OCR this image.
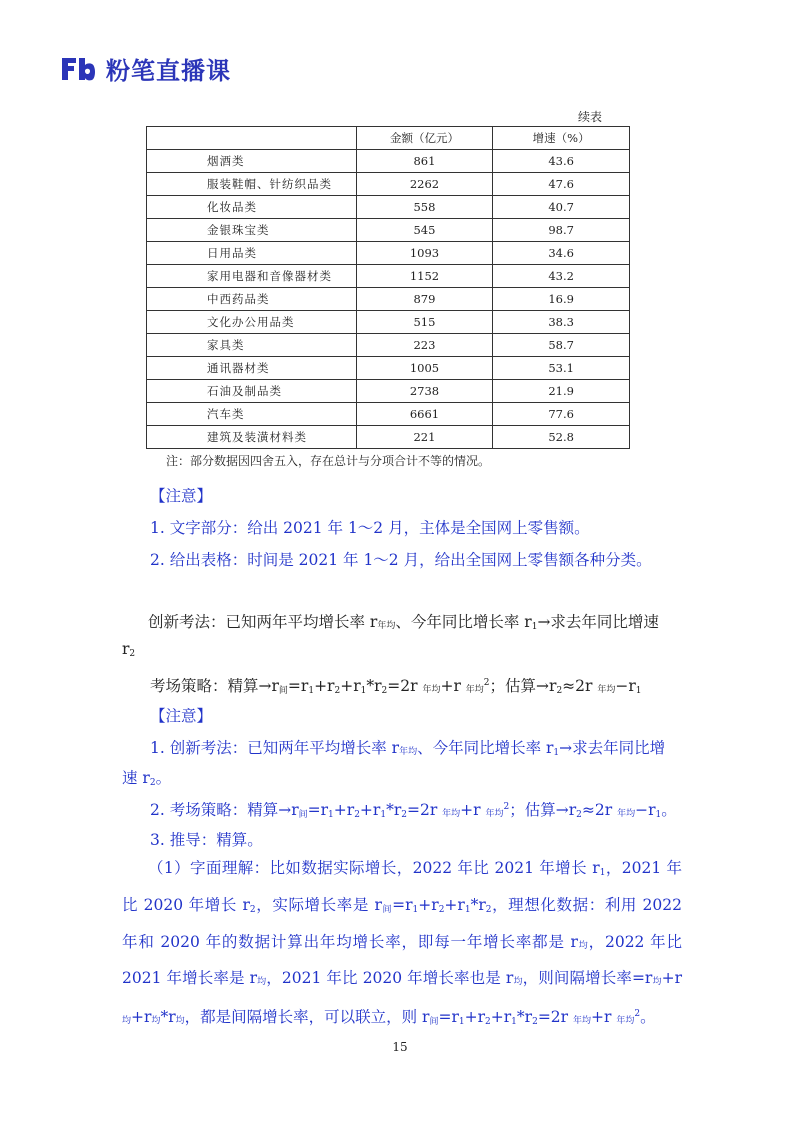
粉笔直播课
续表
	金额（亿元）	增速（%）
烟酒类	861	43.6
服装鞋帽、针纺织品类	2262	47.6
化妆品类	558	40.7
金银珠宝类	545	98.7
日用品类	1093	34.6
家用电器和音像器材类	1152	43.2
中西药品类	879	16.9
文化办公用品类	515	38.3
家具类	223	58.7
通讯器材类	1005	53.1
石油及制品类	2738	21.9
汽车类	6661	77.6
建筑及装潢材料类	221	52.8
注：部分数据因四舍五入，存在总计与分项合计不等的情况。
【注意】
1. 文字部分：给出 2021 年 1～2 月，主体是全国网上零售额。
2. 给出表格：时间是 2021 年 1～2 月，给出全国网上零售额各种分类。
创新考法：已知两年平均增长率 r年均、今年同比增长率 $r_1\to$求去年同比增速
$r_2$
考场策略：精算$\to r_间=r_1+r_2+r_1*r_2=2r$ 年均+r 年均$^2$；估算$\to r_2\approx 2r$ 年均$-r_1$
【注意】
1. 创新考法：已知两年平均增长率 r年均、今年同比增长率 $r_1\to$求去年同比增
速 $r_2$。
2. 考场策略：精算$\to r_间=r_1+r_2+r_1*r_2=2r$ 年均+r 年均$^2$；估算$\to r_2\approx 2r$ 年均$-r_1$。
3. 推导：精算。
（1）字面理解：比如数据实际增长，2022 年比 2021 年增长 $r_1$，2021 年比 2020 年增长 $r_2$，实际增长率是 $r_间=r_1+r_2+r_1*r_2$，理想化数据：利用 2022 年和 2020 年的数据计算出年均增长率，即每一年增长率都是 r均，2022 年比 2021 年增长率是 r均，2021 年比 2020 年增长率也是 r均，则间隔增长率=r均+r均+r均*r均，都是间隔增长率，可以联立，则 $r_间=r_1+r_2+r_1*r_2=2r$ 年均+r 年均$^2$。
15
